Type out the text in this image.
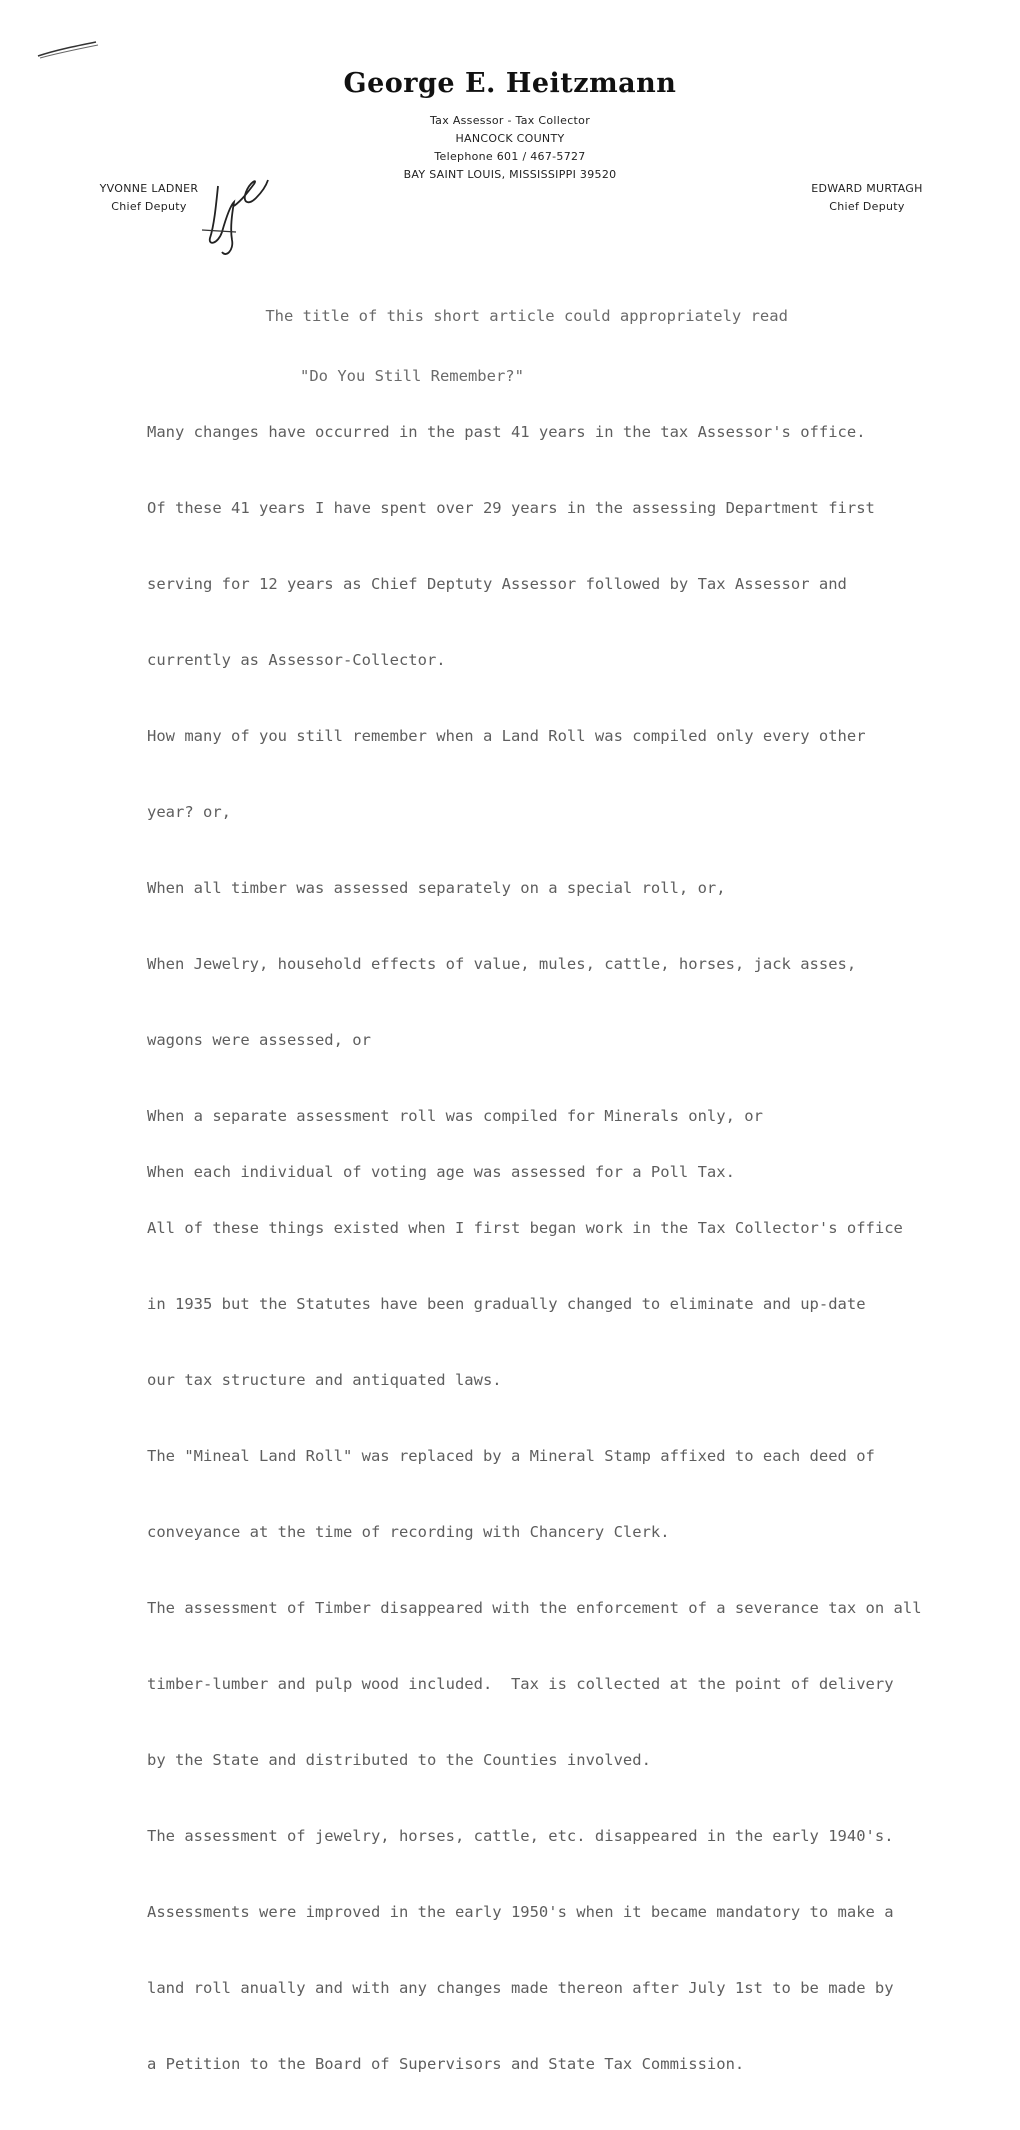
George E. Heitzmann
Tax Assessor - Tax Collector
HANCOCK COUNTY
Telephone 601 / 467-5727
BAY SAINT LOUIS, MISSISSIPPI 39520
YVONNE LADNER
Chief Deputy
EDWARD MURTAGH
Chief Deputy

The title of this short article could appropriately read

"Do You Still Remember?"

Many changes have occurred in the past 41 years in the tax Assessor's office.

Of these 41 years I have spent over 29 years in the assessing Department first

serving for 12 years as Chief Deptuty Assessor followed by Tax Assessor and

currently as Assessor-Collector.

How many of you still remember when a Land Roll was compiled only every other

year? or,

When all timber was assessed separately on a special roll, or,

When Jewelry, household effects of value, mules, cattle, horses, jack asses,

wagons were assessed, or

When a separate assessment roll was compiled for Minerals only, or

When each individual of voting age was assessed for a Poll Tax.

All of these things existed when I first began work in the Tax Collector's office

in 1935 but the Statutes have been gradually changed to eliminate and up-date

our tax structure and antiquated laws.

The "Mineal Land Roll" was replaced by a Mineral Stamp affixed to each deed of

conveyance at the time of recording with Chancery Clerk.

The assessment of Timber disappeared with the enforcement of a severance tax on all

timber-lumber and pulp wood included.  Tax is collected at the point of delivery

by the State and distributed to the Counties involved.

The assessment of jewelry, horses, cattle, etc. disappeared in the early 1940's.

Assessments were improved in the early 1950's when it became mandatory to make a

land roll anually and with any changes made thereon after July 1st to be made by

a Petition to the Board of Supervisors and State Tax Commission.
